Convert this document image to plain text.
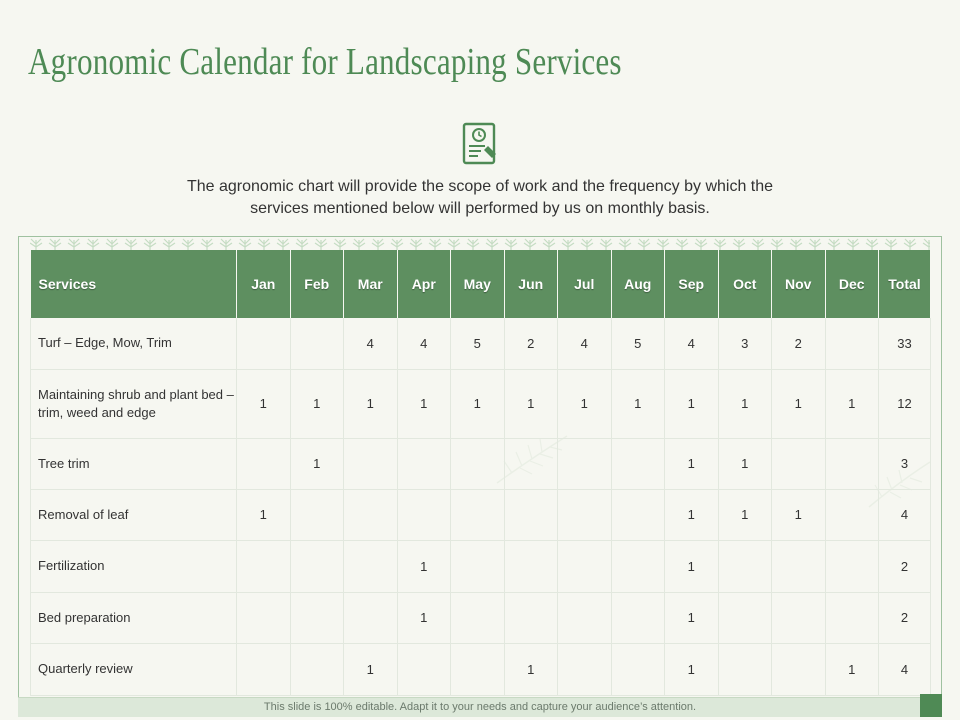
Agronomic Calendar for Landscaping Services
The agronomic chart will provide the scope of work and the frequency by which the
services mentioned below will performed by us on monthly basis.
Services	Jan	Feb	Mar	Apr	May	Jun	Jul	Aug	Sep	Oct	Nov	Dec	Total
Turf – Edge, Mow, Trim			4	4	5	2	4	5	4	3	2		33
Maintaining shrub and plant bed – trim, weed and edge	1	1	1	1	1	1	1	1	1	1	1	1	12
Tree trim		1							1	1			3
Removal of leaf	1								1	1	1		4
Fertilization				1					1				2
Bed preparation				1					1				2
Quarterly review			1			1			1			1	4
This slide is 100% editable. Adapt it to your needs and capture your audience’s attention.
